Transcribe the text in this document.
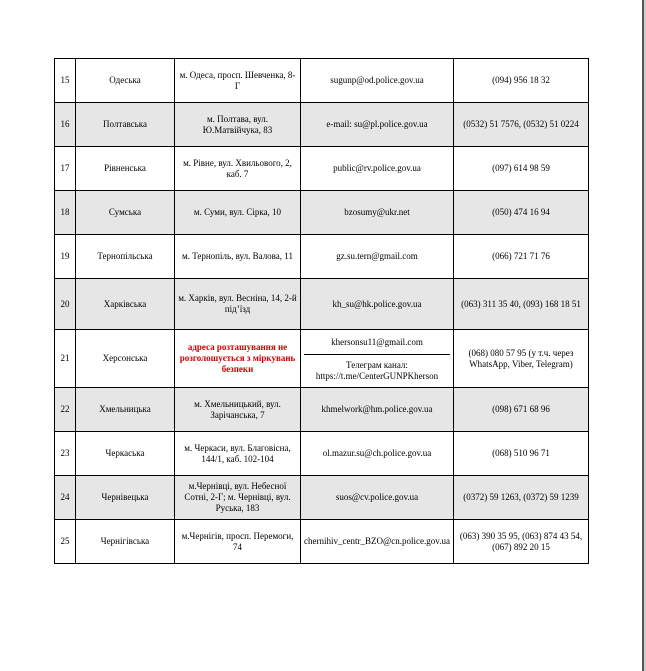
15	Одеська	м. Одеса, просп. Шевченка, 8-Г	sugunp@od.police.gov.ua	(094) 956 18 32
16	Полтавська	м. Полтава, вул. Ю.Матвійчука, 83	e-mail: su@pl.police.gov.ua	(0532) 51 7576, (0532) 51 0224
17	Рівненська	м. Рівне, вул. Хвильового, 2, каб. 7	public@rv.police.gov.ua	(097) 614 98 59
18	Сумська	м. Суми, вул. Сірка, 10	bzosumy@ukr.net	(050) 474 16 94
19	Тернопільська	м. Тернопіль, вул. Валова, 11	gz.su.tern@gmail.com	(066) 721 71 76
20	Харківська	м. Харків, вул. Веснiна, 14, 2-й під’їзд	kh_su@hk.police.gov.ua	(063) 311 35 40, (093) 168 18 51
21	Херсонська	адреса розташування не розголошується з міркувань безпеки	khersonsu11@gmail.com
Телеграм канал: https://t.me/CenterGUNPKherson	(068) 080 57 95 (у т.ч. через WhatsApp, Viber, Telegram)
22	Хмельницька	м. Хмельницький, вул. Зарічанська, 7	khmelwork@hm.police.gov.ua	(098) 671 68 96
23	Черкаська	м. Черкаси, вул. Благовісна, 144/1, каб. 102-104	ol.mazur.su@ch.police.gov.ua	(068) 510 96 71
24	Чернівецька	м.Чернівці, вул. Небесної Сотні, 2-Г; м. Чернівці, вул. Руська, 183	suos@cv.police.gov.ua	(0372) 59 1263, (0372) 59 1239
25	Чернігівська	м.Чернігів, просп. Перемоги, 74	chernihiv_centr_BZO@cn.police.gov.ua	(063) 390 35 95, (063) 874 43 54, (067) 892 20 15
